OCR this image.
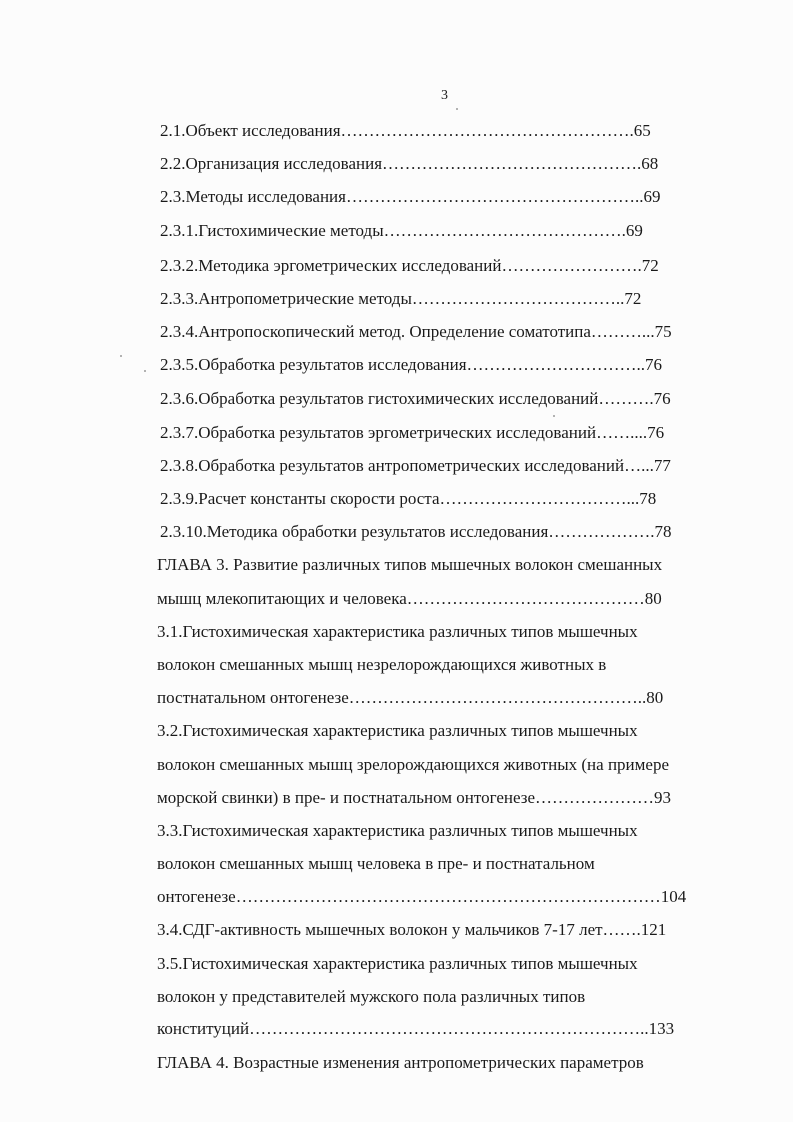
3
2.1.Объект исследования…………………………………………….65
2.2.Организация исследования……………………………………….68
2.3.Методы исследования……………………………………………..69
2.3.1.Гистохимические методы…………………………………….69
2.3.2.Методика эргометрических исследований…………………….72
2.3.3.Антропометрические методы………………………………..72
2.3.4.Антропоскопический метод. Определение соматотипа………...75
2.3.5.Обработка результатов исследования…………………………..76
2.3.6.Обработка результатов гистохимических исследований……….76
2.3.7.Обработка результатов эргометрических исследований……....76
2.3.8.Обработка результатов антропометрических исследований…...77
2.3.9.Расчет константы скорости роста……………………………...78
2.3.10.Методика обработки результатов исследования……………….78
ГЛАВА 3. Развитие различных типов мышечных волокон смешанных
мышц млекопитающих и человека……………………………………80
3.1.Гистохимическая характеристика различных типов мышечных
волокон смешанных мышц незрелорождающихся животных в
постнатальном онтогенезе……………………………………………..80
3.2.Гистохимическая характеристика различных типов мышечных
волокон смешанных мышц зрелорождающихся животных (на примере
морской свинки) в пре- и постнатальном онтогенезе…………………93
3.3.Гистохимическая характеристика различных типов мышечных
волокон смешанных мышц человека в пре- и постнатальном
онтогенезе…………………………………………………………………104
3.4.СДГ-активность мышечных волокон у мальчиков 7-17 лет…….121
3.5.Гистохимическая характеристика различных типов мышечных
волокон у представителей мужского пола различных типов
конституций……………………………………………………………..133
ГЛАВА 4. Возрастные изменения антропометрических параметров
